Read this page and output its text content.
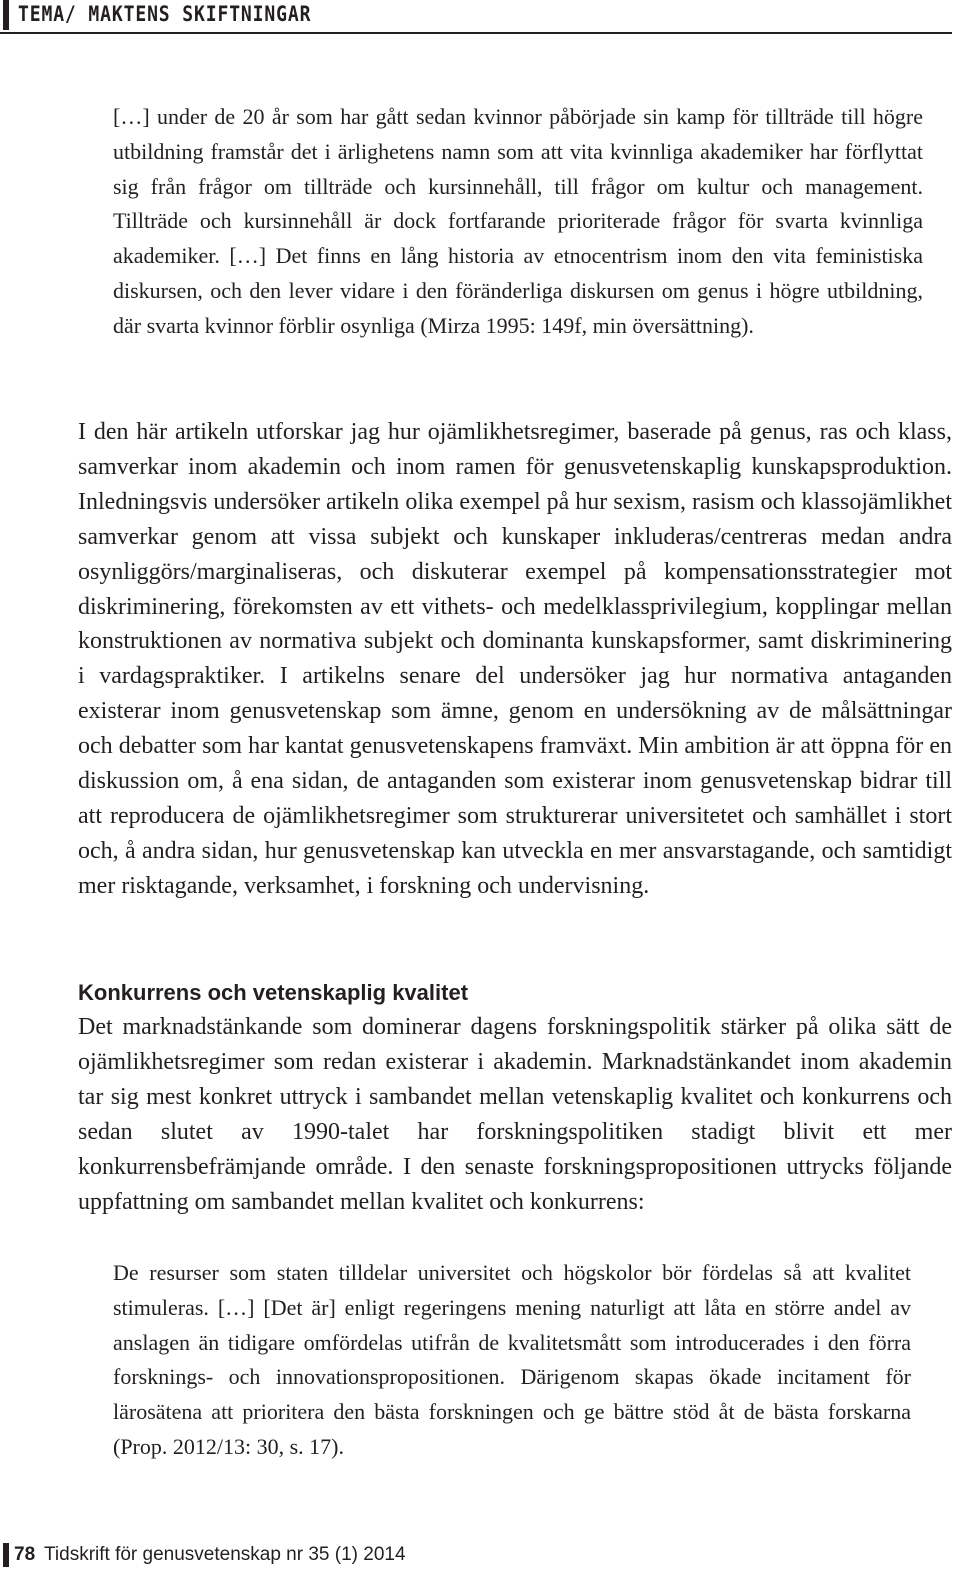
TEMA/ MAKTENS SKIFTNINGAR
[…] under de 20 år som har gått sedan kvinnor påbörjade sin kamp för tillträde till högre utbildning framstår det i ärlighetens namn som att vita kvinnliga akademiker har förflyttat sig från frågor om tillträde och kursinnehåll, till frågor om kultur och management. Tillträde och kursinnehåll är dock fortfarande prioriterade frågor för svarta kvinnliga akademiker. […] Det finns en lång historia av etnocentrism inom den vita feministiska diskursen, och den lever vidare i den föränderliga diskursen om genus i högre utbildning, där svarta kvinnor förblir osynliga (Mirza 1995: 149f, min översättning).
I den här artikeln utforskar jag hur ojämlikhetsregimer, baserade på genus, ras och klass, samverkar inom akademin och inom ramen för genusvetenskaplig kunskapsproduktion. Inledningsvis undersöker artikeln olika exempel på hur sexism, rasism och klassojämlikhet samverkar genom att vissa subjekt och kunskaper inkluderas/centreras medan andra osynliggörs/marginaliseras, och diskuterar exempel på kompensationsstrategier mot diskriminering, förekomsten av ett vithets- och medelklassprivilegium, kopplingar mellan konstruktionen av normativa subjekt och dominanta kunskapsformer, samt diskriminering i vardagspraktiker. I artikelns senare del undersöker jag hur normativa antaganden existerar inom genusvetenskap som ämne, genom en undersökning av de målsättningar och debatter som har kantat genusvetenskapens framväxt. Min ambition är att öppna för en diskussion om, å ena sidan, de antaganden som existerar inom genusvetenskap bidrar till att reproducera de ojämlikhetsregimer som strukturerar universitetet och samhället i stort och, å andra sidan, hur genusvetenskap kan utveckla en mer ansvarstagande, och samtidigt mer risktagande, verksamhet, i forskning och undervisning.
Konkurrens och vetenskaplig kvalitet
Det marknadstänkande som dominerar dagens forskningspolitik stärker på olika sätt de ojämlikhetsregimer som redan existerar i akademin. Marknadstänkandet inom akademin tar sig mest konkret uttryck i sambandet mellan vetenskaplig kvalitet och konkurrens och sedan slutet av 1990-talet har forskningspolitiken stadigt blivit ett mer konkurrensbefrämjande område. I den senaste forskningspropositionen uttrycks följande uppfattning om sambandet mellan kvalitet och konkurrens:
De resurser som staten tilldelar universitet och högskolor bör fördelas så att kvalitet stimuleras. […] [Det är] enligt regeringens mening naturligt att låta en större andel av anslagen än tidigare omfördelas utifrån de kvalitetsmått som introducerades i den förra forsknings- och innovationspropositionen. Därigenom skapas ökade incitament för lärosätena att prioritera den bästa forskningen och ge bättre stöd åt de bästa forskarna (Prop. 2012/13: 30, s. 17).
78 Tidskrift för genusvetenskap nr 35 (1) 2014
